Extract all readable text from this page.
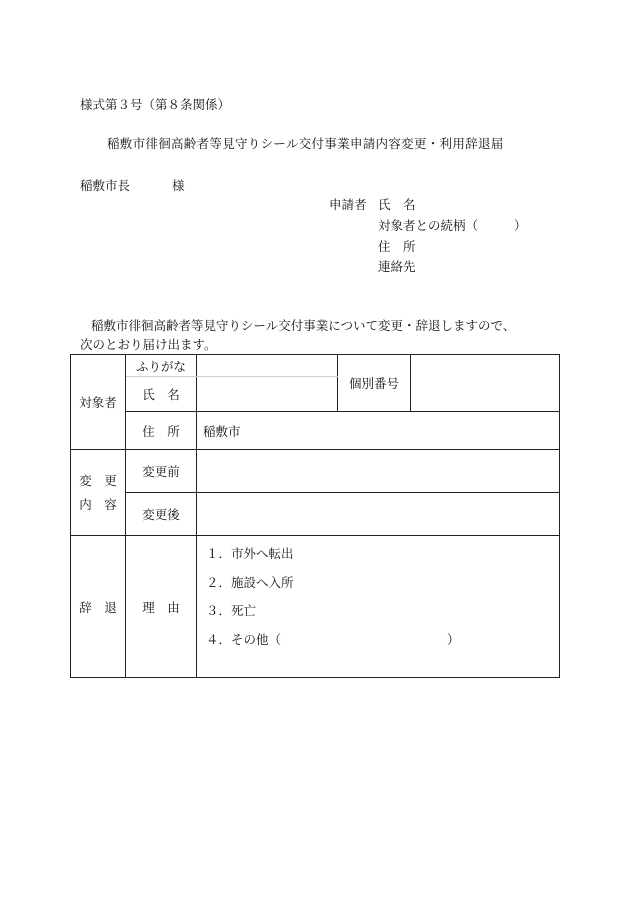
様式第３号（第８条関係）
稲敷市徘徊高齢者等見守りシール交付事業申請内容変更・利用辞退届
稲敷市長	様
申請者 氏　名
対象者との続柄（	）
住　所
連絡先
稲敷市徘徊高齢者等見守りシール交付事業について変更・辞退しますので、
次のとおり届け出ます。
対象者	ふりがな		個別番号	
	氏　名			
	住　所	稲敷市		
変　更
内　容	変更前			
	変更後			
辞　退	理　由	１．市外へ転出
２．施設へ入所
３．死亡
４．その他（ ）		
